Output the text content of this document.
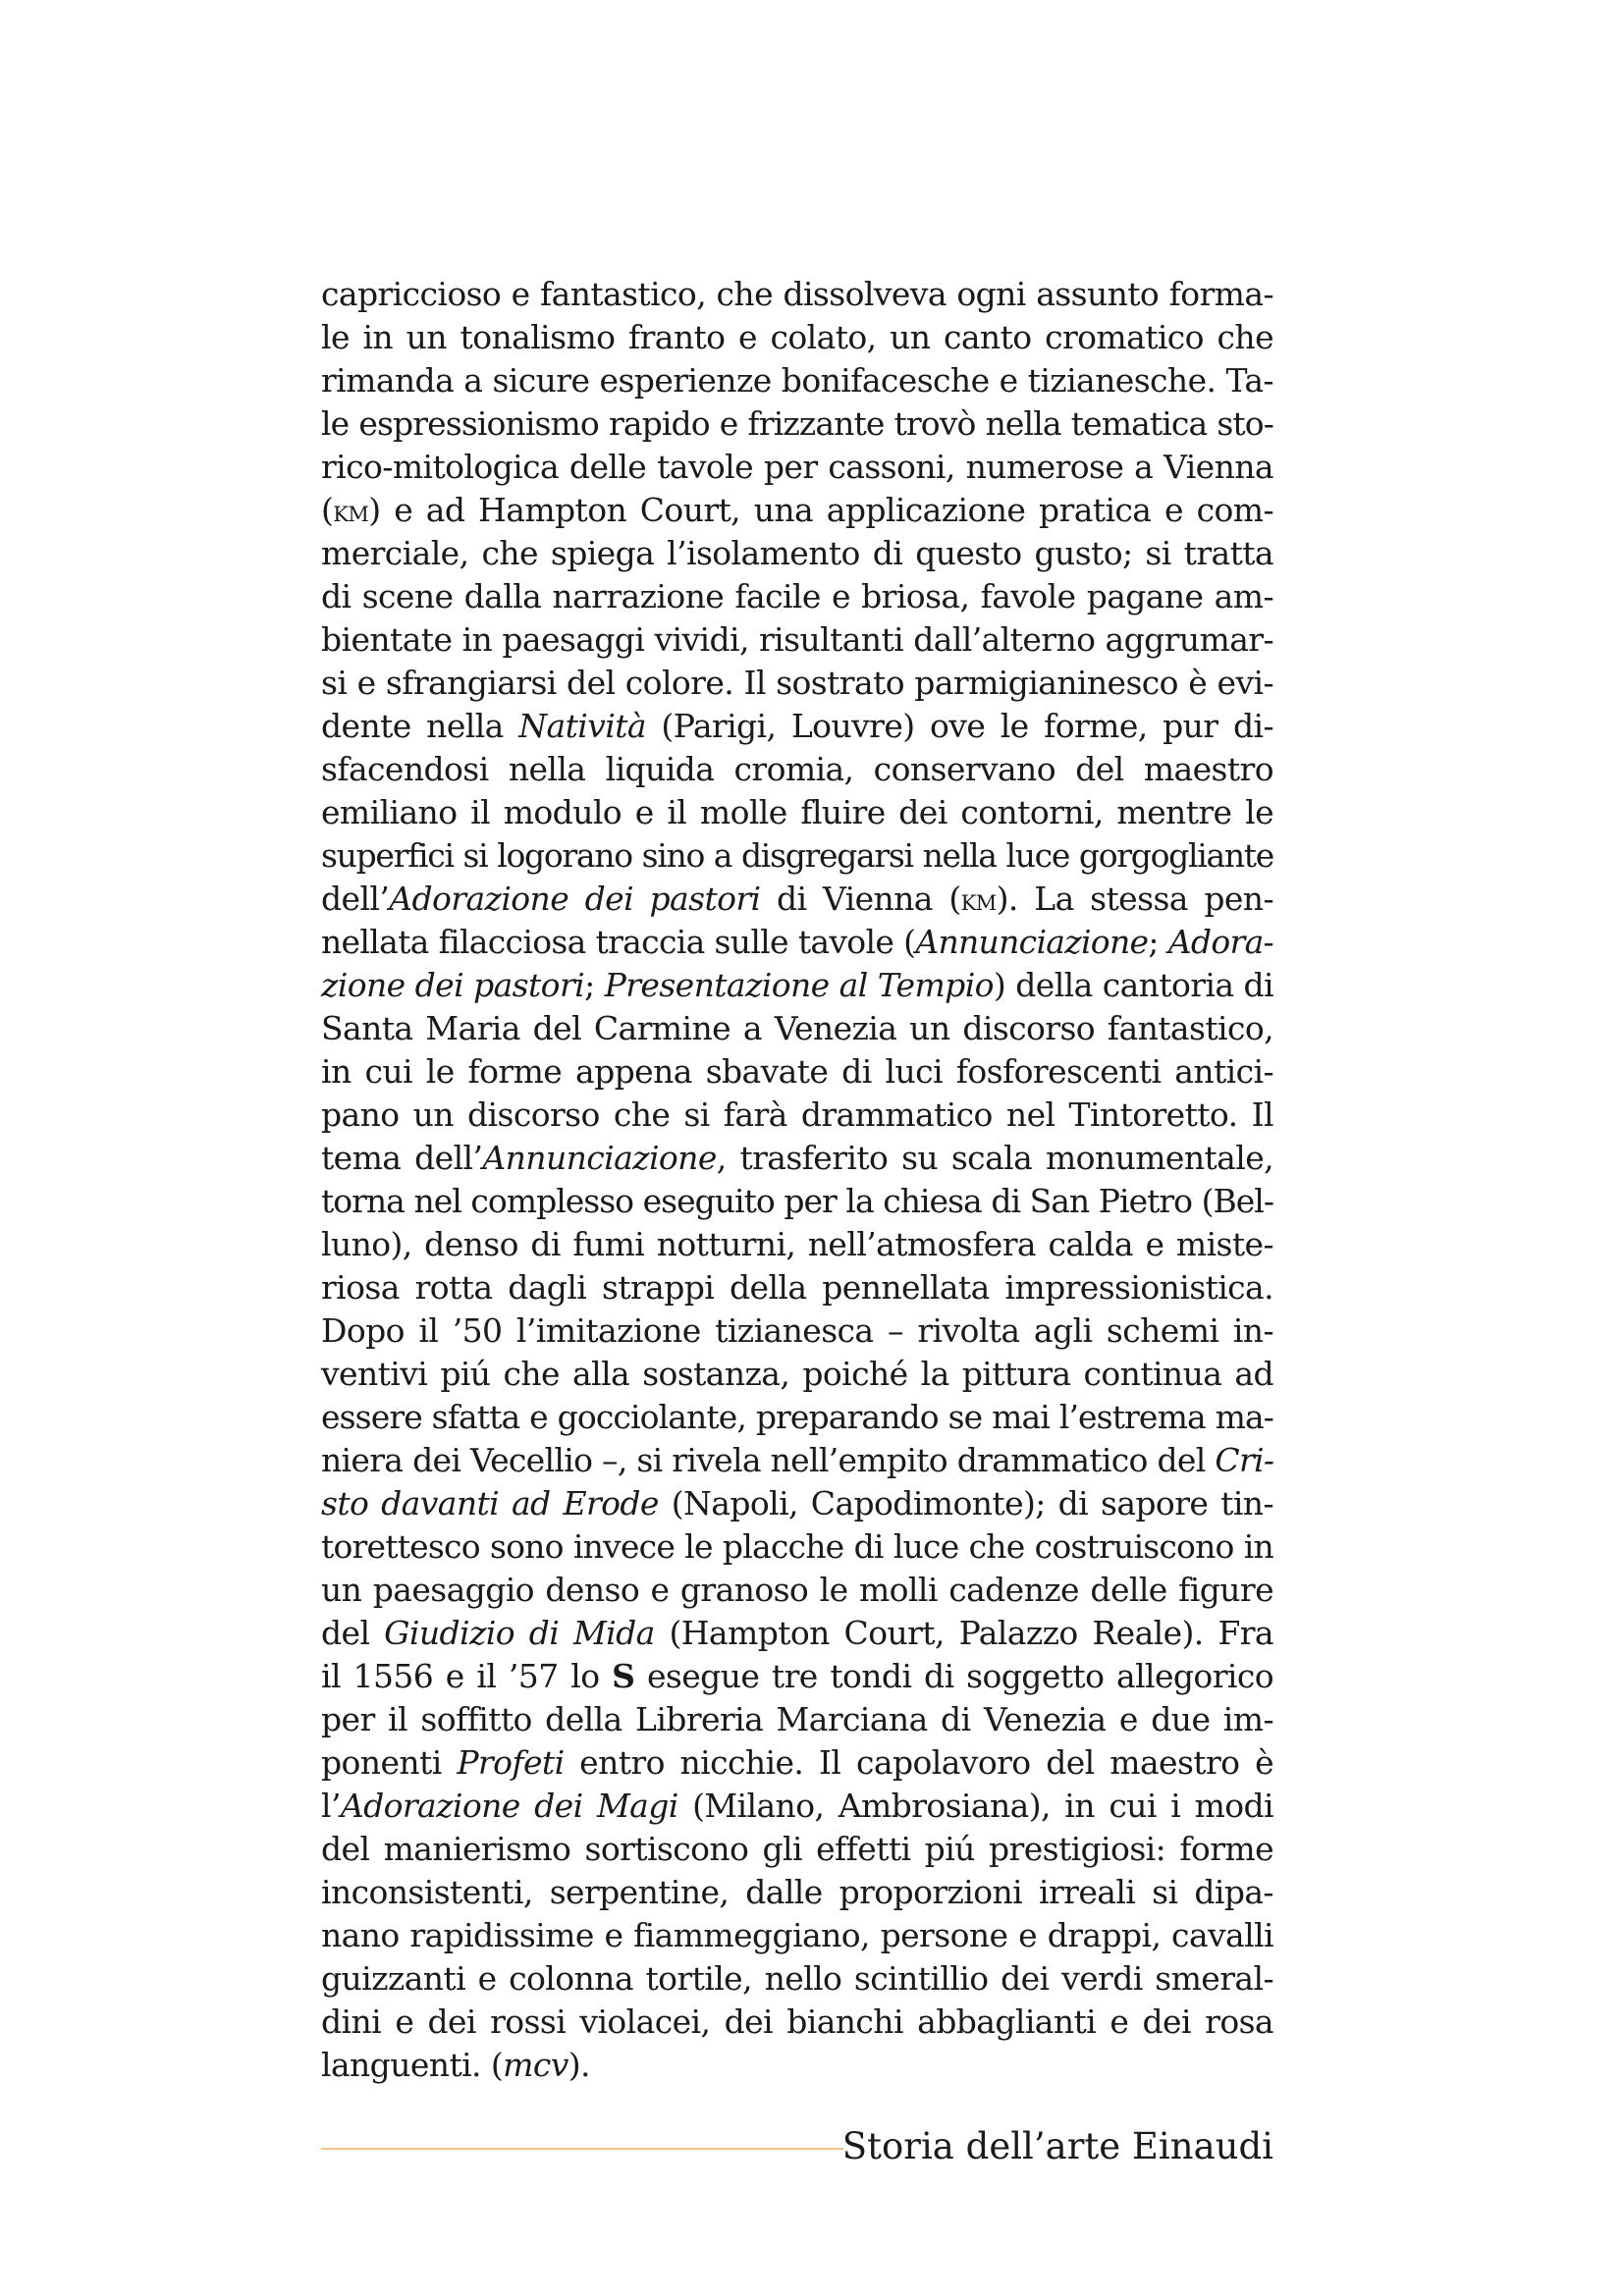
capriccioso e fantastico, che dissolveva ogni assunto forma-
le in un tonalismo franto e colato, un canto cromatico che
rimanda a sicure esperienze bonifacesche e tizianesche. Ta-
le espressionismo rapido e frizzante trovò nella tematica sto-
rico-mitologica delle tavole per cassoni, numerose a Vienna
(km) e ad Hampton Court, una applicazione pratica e com-
merciale, che spiega l’isolamento di questo gusto; si tratta
di scene dalla narrazione facile e briosa, favole pagane am-
bientate in paesaggi vividi, risultanti dall’alterno aggrumar-
si e sfrangiarsi del colore. Il sostrato parmigianinesco è evi-
dente nella Natività (Parigi, Louvre) ove le forme, pur di-
sfacendosi nella liquida cromia, conservano del maestro
emiliano il modulo e il molle fluire dei contorni, mentre le
superfici si logorano sino a disgregarsi nella luce gorgogliante
dell’Adorazione dei pastori di Vienna (km). La stessa pen-
nellata filacciosa traccia sulle tavole (Annunciazione; Adora-
zione dei pastori; Presentazione al Tempio) della cantoria di
Santa Maria del Carmine a Venezia un discorso fantastico,
in cui le forme appena sbavate di luci fosforescenti antici-
pano un discorso che si farà drammatico nel Tintoretto. Il
tema dell’Annunciazione, trasferito su scala monumentale,
torna nel complesso eseguito per la chiesa di San Pietro (Bel-
luno), denso di fumi notturni, nell’atmosfera calda e miste-
riosa rotta dagli strappi della pennellata impressionistica.
Dopo il ’50 l’imitazione tizianesca – rivolta agli schemi in-
ventivi piú che alla sostanza, poiché la pittura continua ad
essere sfatta e gocciolante, preparando se mai l’estrema ma-
niera dei Vecellio –, si rivela nell’empito drammatico del Cri-
sto davanti ad Erode (Napoli, Capodimonte); di sapore tin-
torettesco sono invece le placche di luce che costruiscono in
un paesaggio denso e granoso le molli cadenze delle figure
del Giudizio di Mida (Hampton Court, Palazzo Reale). Fra
il 1556 e il ’57 lo S esegue tre tondi di soggetto allegorico
per il soffitto della Libreria Marciana di Venezia e due im-
ponenti Profeti entro nicchie. Il capolavoro del maestro è
l’Adorazione dei Magi (Milano, Ambrosiana), in cui i modi
del manierismo sortiscono gli effetti piú prestigiosi: forme
inconsistenti, serpentine, dalle proporzioni irreali si dipa-
nano rapidissime e fiammeggiano, persone e drappi, cavalli
guizzanti e colonna tortile, nello scintillio dei verdi smeral-
dini e dei rossi violacei, dei bianchi abbaglianti e dei rosa
languenti. (mcv).
Storia dell’arte Einaudi
